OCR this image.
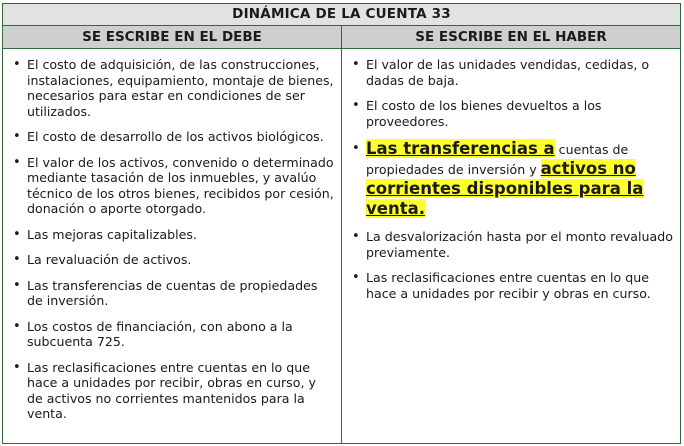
DINÁMICA DE LA CUENTA 33
SE ESCRIBE EN EL DEBE	SE ESCRIBE EN EL HABER
• El costo de adquisición, de las construcciones, instalaciones, equipamiento, montaje de bienes, necesarios para estar en condiciones de ser utilizados.
• El costo de desarrollo de los activos biológicos.
• El valor de los activos, convenido o determinado mediante tasación de los inmuebles, y avalúo técnico de los otros bienes, recibidos por cesión, donación o aporte otorgado.
• Las mejoras capitalizables.
• La revaluación de activos.
• Las transferencias de cuentas de propiedades de inversión.
• Los costos de financiación, con abono a la subcuenta 725.
• Las reclasificaciones entre cuentas en lo que hace a unidades por recibir, obras en curso, y de activos no corrientes mantenidos para la venta.
• El valor de las unidades vendidas, cedidas, o dadas de baja.
• El costo de los bienes devueltos a los proveedores.
• Las transferencias a cuentas de propiedades de inversión y activos no corrientes disponibles para la venta.
• La desvalorización hasta por el monto revaluado previamente.
• Las reclasificaciones entre cuentas en lo que hace a unidades por recibir y obras en curso.
